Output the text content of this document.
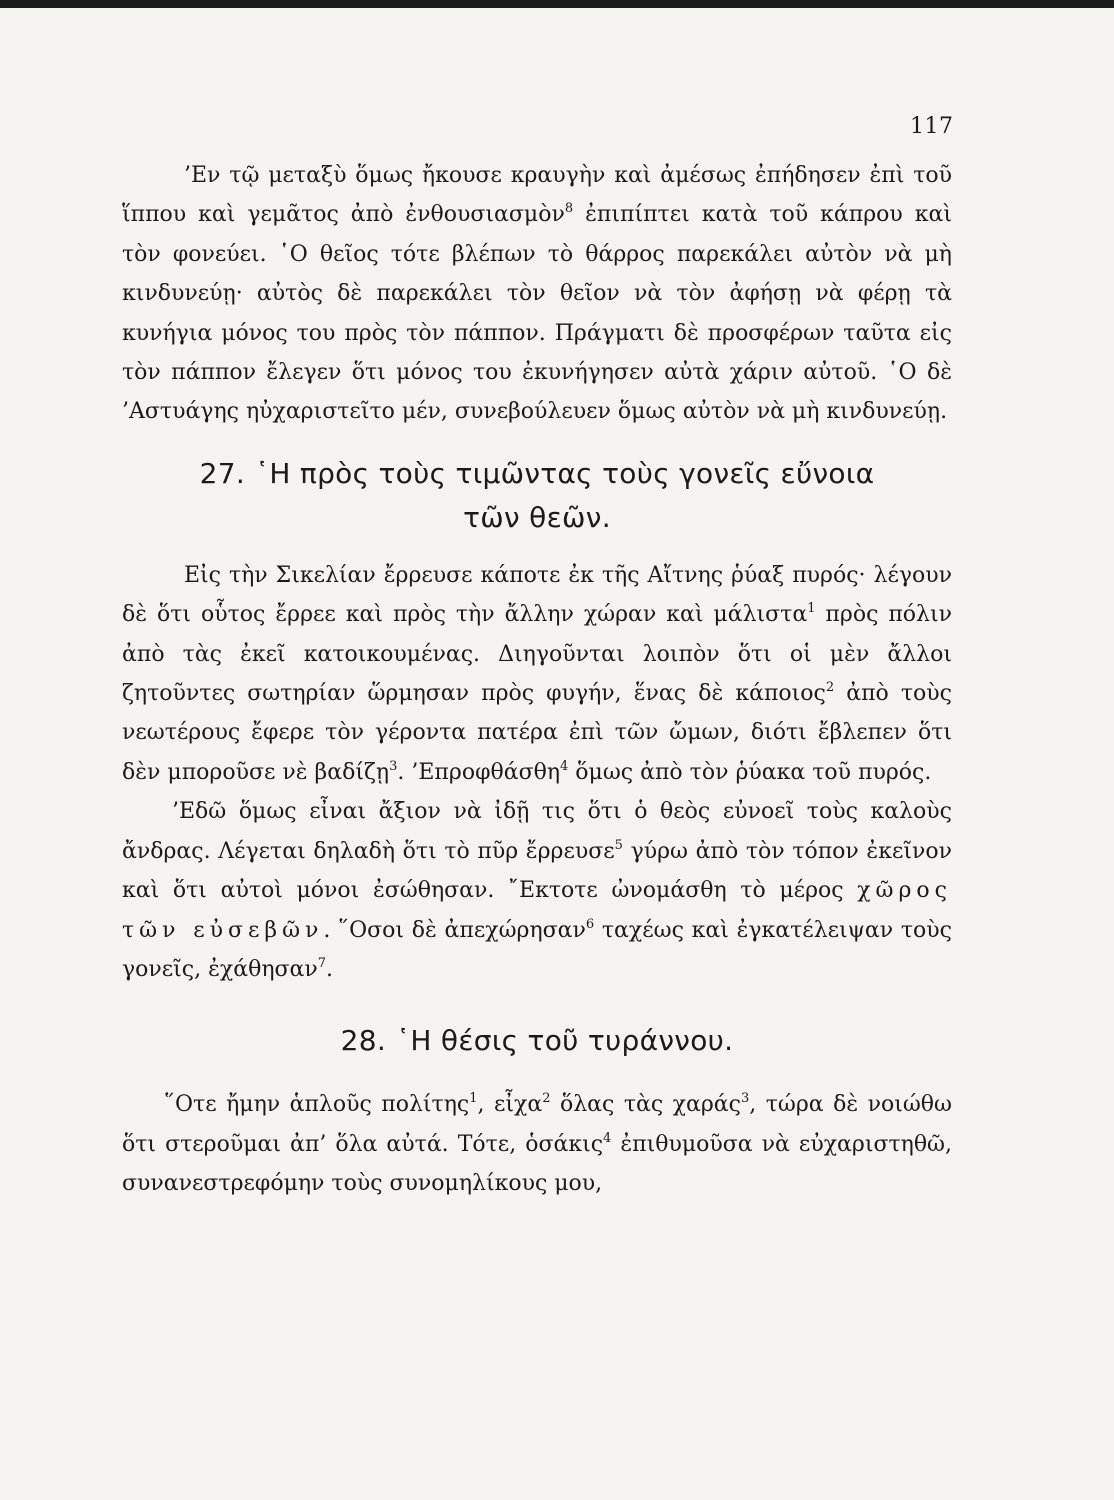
117

’Εν τῷ μεταξὺ ὅμως ἤκουσε κραυγὴν καὶ ἀμέσως ἐπήδησεν ἐπὶ τοῦ ἵππου καὶ γεμᾶτος ἀπὸ ἐνθουσιασμὸν$^8$ ἐπιπίπτει κατὰ τοῦ κάπρου καὶ τὸν φονεύει. ῾Ο θεῖος τότε βλέπων τὸ θάρρος παρεκάλει αὐτὸν νὰ μὴ κινδυνεύῃ· αὐτὸς δὲ παρεκάλει τὸν θεῖον νὰ τὸν ἀφήσῃ νὰ φέρῃ τὰ κυνήγια μόνος του πρὸς τὸν πάππον. Πράγματι δὲ προσφέρων ταῦτα εἰς τὸν πάππον ἔλεγεν ὅτι μόνος του ἐκυνήγησεν αὐτὰ χάριν αὐτοῦ. ῾Ο δὲ ’Αστυάγης ηὐχαριστεῖτο μέν, συνεβούλευεν ὅμως αὐτὸν νὰ μὴ κινδυνεύῃ.

27. ῾Η πρὸς τοὺς τιμῶντας τοὺς γονεῖς εὔνοια
τῶν θεῶν.

Εἰς τὴν Σικελίαν ἔρρευσε κάποτε ἐκ τῆς Αἴτνης ῥύαξ πυρός· λέγουν δὲ ὅτι οὗτος ἔρρεε καὶ πρὸς τὴν ἄλλην χώραν καὶ μάλιστα$^1$ πρὸς πόλιν ἀπὸ τὰς ἐκεῖ κατοικουμένας. Διηγοῦνται λοιπὸν ὅτι οἱ μὲν ἄλλοι ζητοῦντες σωτηρίαν ὥρμησαν πρὸς φυγήν, ἕνας δὲ κάποιος$^2$ ἀπὸ τοὺς νεωτέρους ἔφερε τὸν γέροντα πατέρα ἐπὶ τῶν ὤμων, διότι ἔβλεπεν ὅτι δὲν μποροῦσε νὲ βαδίζῃ$^3$. ’Επροφθάσθη$^4$ ὅμως ἀπὸ τὸν ῥύακα τοῦ πυρός.

’Εδῶ ὅμως εἶναι ἄξιον νὰ ἰδῇ τις ὅτι ὁ θεὸς εὐνοεῖ τοὺς καλοὺς ἄνδρας. Λέγεται δηλαδὴ ὅτι τὸ πῦρ ἔρρευσε$^5$ γύρω ἀπὸ τὸν τόπον ἐκεῖνον καὶ ὅτι αὐτοὶ μόνοι ἐσώθησαν. ῎Εκτοτε ὠνομάσθη τὸ μέρος χῶρος τῶν εὐσεβῶν. ῞Οσοι δὲ ἀπεχώρησαν$^6$ ταχέως καὶ ἐγκατέλειψαν τοὺς γονεῖς, ἐχάθησαν$^7$.

28. ῾Η θέσις τοῦ τυράννου.

῞Οτε ἤμην ἁπλοῦς πολίτης$^1$, εἶχα$^2$ ὅλας τὰς χαράς$^3$, τώρα δὲ νοιώθω ὅτι στεροῦμαι ἀπ’ ὅλα αὐτά. Τότε, ὁσάκις$^4$ ἐπιθυμοῦσα νὰ εὐχαριστηθῶ, συνανεστρεφόμην τοὺς συνομηλίκους μου,
